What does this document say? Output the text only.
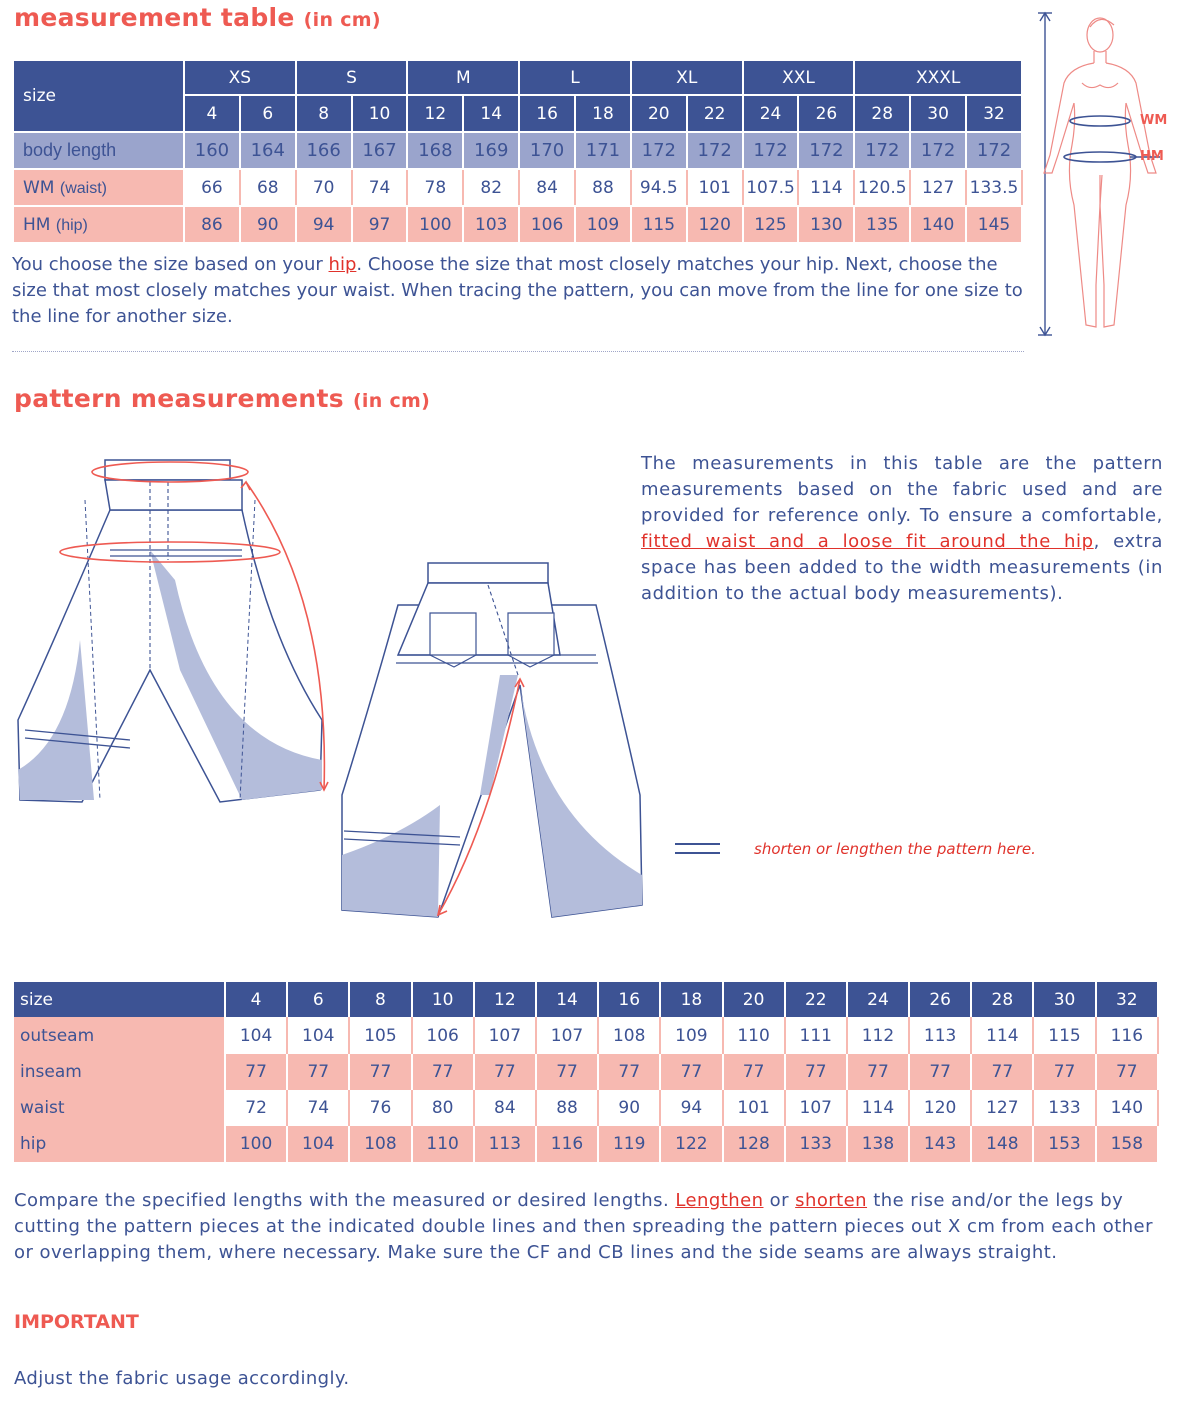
measurement table (in cm)
size	XS		S		M		L		XL		XXL		XXXL		
	4	6	8	10	12	14	16	18	20	22	24	26	28	30	32
body length	160	164	166	167	168	169	170	171	172	172	172	172	172	172	172
WM (waist)	66	68	70	74	78	82	84	88	94.5	101	107.5	114	120.5	127	133.5
HM (hip)	86	90	94	97	100	103	106	109	115	120	125	130	135	140	145
You choose the size based on your hip. Choose the size that most closely matches your hip. Next, choose the size that most closely matches your waist. When tracing the pattern, you can move from the line for one size to the line for another size.
WM
HM
pattern measurements (in cm)
The measurements in this table are the pattern measurements based on the fabric used and are provided for reference only. To ensure a comfortable, fitted waist and a loose fit around the hip, extra space has been added to the width measurements (in addition to the actual body measurements).
shorten or lengthen the pattern here.
size	4	6	8	10	12	14	16	18	20	22	24	26	28	30	32
outseam	104	104	105	106	107	107	108	109	110	111	112	113	114	115	116
inseam	77	77	77	77	77	77	77	77	77	77	77	77	77	77	77
waist	72	74	76	80	84	88	90	94	101	107	114	120	127	133	140
hip	100	104	108	110	113	116	119	122	128	133	138	143	148	153	158
Compare the specified lengths with the measured or desired lengths. Lengthen or shorten the rise and/or the legs by cutting the pattern pieces at the indicated double lines and then spreading the pattern pieces out X cm from each other or overlapping them, where necessary. Make sure the CF and CB lines and the side seams are always straight.
IMPORTANT
Adjust the fabric usage accordingly.
